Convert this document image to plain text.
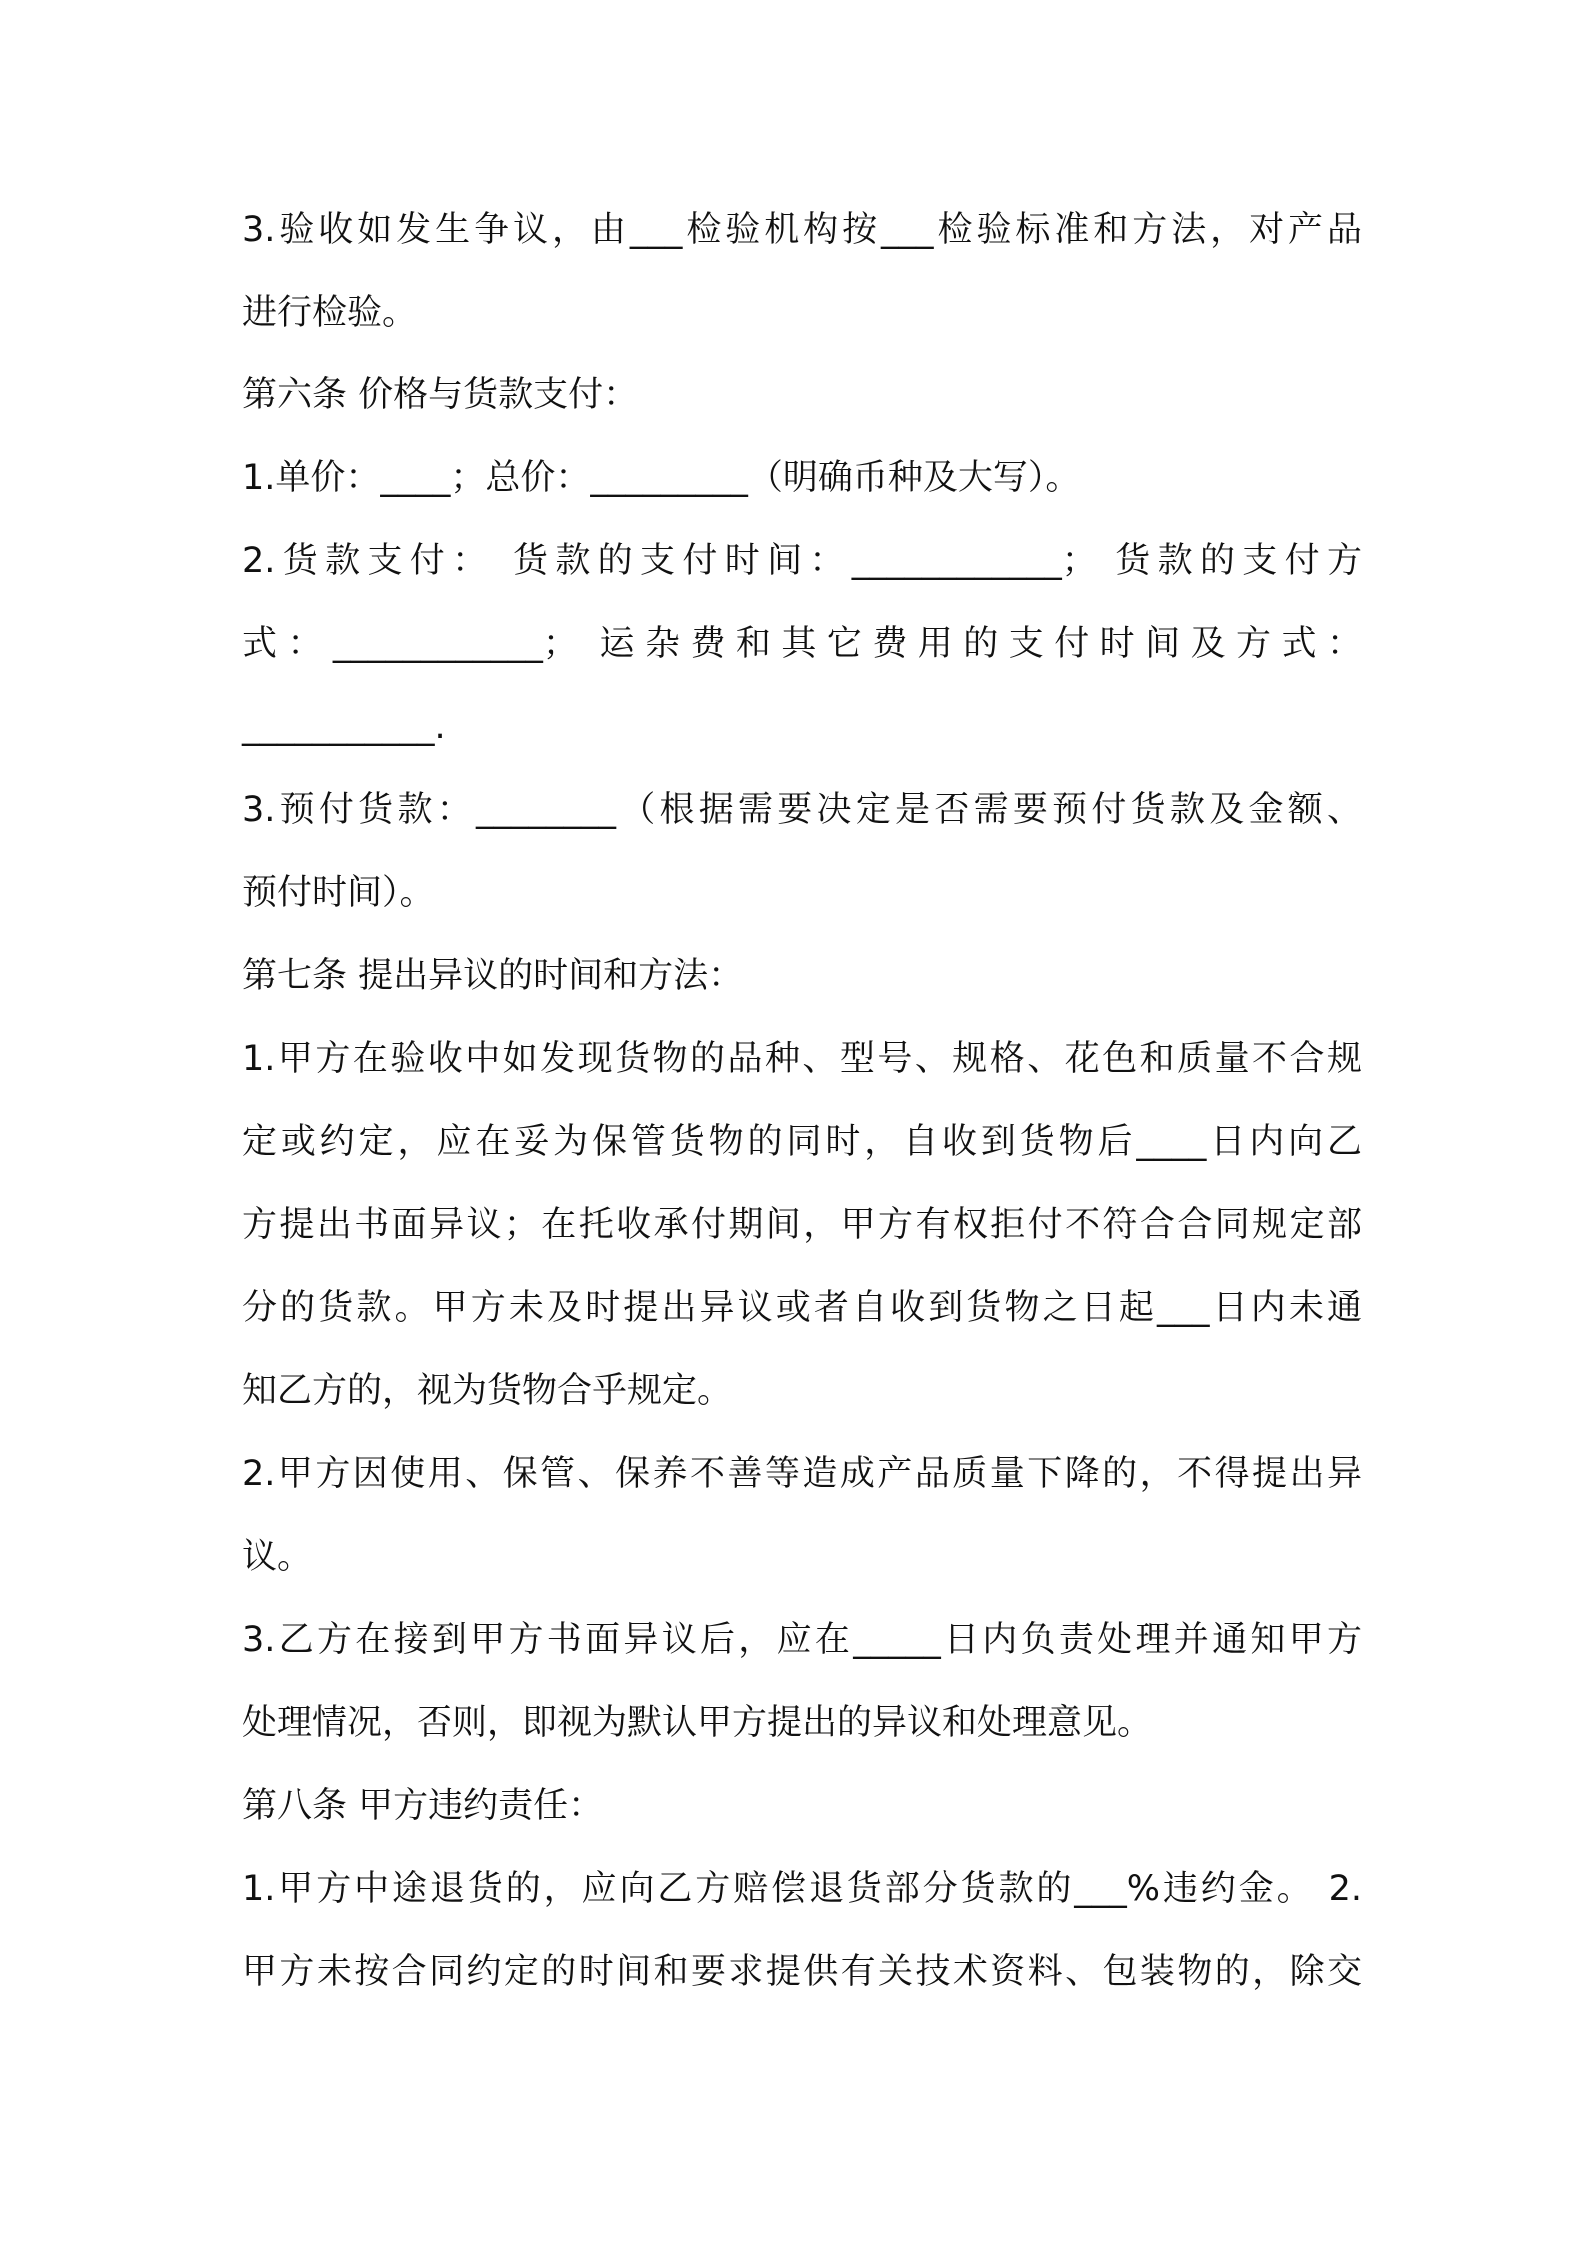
3.验收如发生争议，由___检验机构按___检验标准和方法，对产品
进行检验。
第六条 价格与货款支付：
1.单价：____；总价：_________（明确币种及大写）。
2.货款支付： 货款的支付时间：____________； 货款的支付方
式：____________； 运杂费和其它费用的支付时间及方式：
___________.
3.预付货款：________（根据需要决定是否需要预付货款及金额、
预付时间）。
第七条 提出异议的时间和方法：
1.甲方在验收中如发现货物的品种、型号、规格、花色和质量不合规
定或约定，应在妥为保管货物的同时，自收到货物后____日内向乙
方提出书面异议；在托收承付期间，甲方有权拒付不符合合同规定部
分的货款。甲方未及时提出异议或者自收到货物之日起___日内未通
知乙方的，视为货物合乎规定。
2.甲方因使用、保管、保养不善等造成产品质量下降的，不得提出异
议。
3.乙方在接到甲方书面异议后，应在_____日内负责处理并通知甲方
处理情况，否则，即视为默认甲方提出的异议和处理意见。
第八条 甲方违约责任：
1.甲方中途退货的，应向乙方赔偿退货部分货款的___%违约金。 2.
甲方未按合同约定的时间和要求提供有关技术资料、包装物的，除交
